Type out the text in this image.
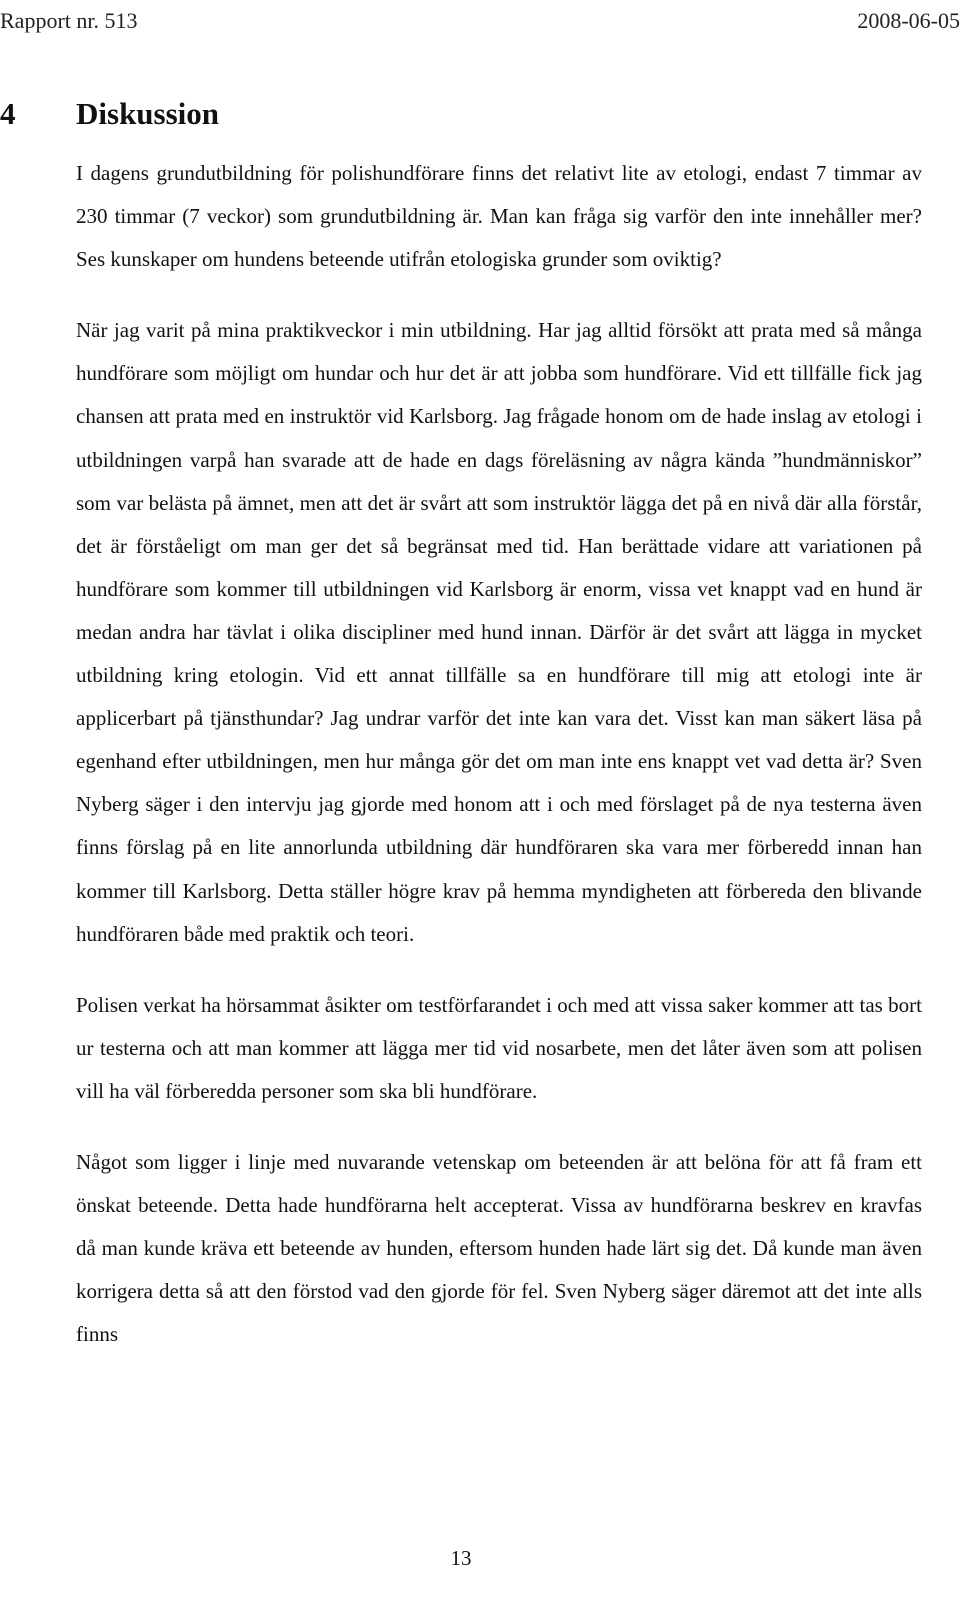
Rapport nr. 513	2008-06-05
4 Diskussion

I dagens grundutbildning för polishundförare finns det relativt lite av etologi, endast 7 timmar av 230 timmar (7 veckor) som grundutbildning är. Man kan fråga sig varför den inte innehåller mer? Ses kunskaper om hundens beteende utifrån etologiska grunder som oviktig?

När jag varit på mina praktikveckor i min utbildning. Har jag alltid försökt att prata med så många hundförare som möjligt om hundar och hur det är att jobba som hundförare. Vid ett tillfälle fick jag chansen att prata med en instruktör vid Karlsborg. Jag frågade honom om de hade inslag av etologi i utbildningen varpå han svarade att de hade en dags föreläsning av några kända ”hundmänniskor” som var belästa på ämnet, men att det är svårt att som instruktör lägga det på en nivå där alla förstår, det är förståeligt om man ger det så begränsat med tid. Han berättade vidare att variationen på hundförare som kommer till utbildningen vid Karlsborg är enorm, vissa vet knappt vad en hund är medan andra har tävlat i olika discipliner med hund innan. Därför är det svårt att lägga in mycket utbildning kring etologin. Vid ett annat tillfälle sa en hundförare till mig att etologi inte är applicerbart på tjänsthundar? Jag undrar varför det inte kan vara det. Visst kan man säkert läsa på egenhand efter utbildningen, men hur många gör det om man inte ens knappt vet vad detta är? Sven Nyberg säger i den intervju jag gjorde med honom att i och med förslaget på de nya testerna även finns förslag på en lite annorlunda utbildning där hundföraren ska vara mer förberedd innan han kommer till Karlsborg. Detta ställer högre krav på hemma myndigheten att förbereda den blivande hundföraren både med praktik och teori.

Polisen verkat ha hörsammat åsikter om testförfarandet i och med att vissa saker kommer att tas bort ur testerna och att man kommer att lägga mer tid vid nosarbete, men det låter även som att polisen vill ha väl förberedda personer som ska bli hundförare.

Något som ligger i linje med nuvarande vetenskap om beteenden är att belöna för att få fram ett önskat beteende. Detta hade hundförarna helt accepterat. Vissa av hundförarna beskrev en kravfas då man kunde kräva ett beteende av hunden, eftersom hunden hade lärt sig det. Då kunde man även korrigera detta så att den förstod vad den gjorde för fel. Sven Nyberg säger däremot att det inte alls finns

13
